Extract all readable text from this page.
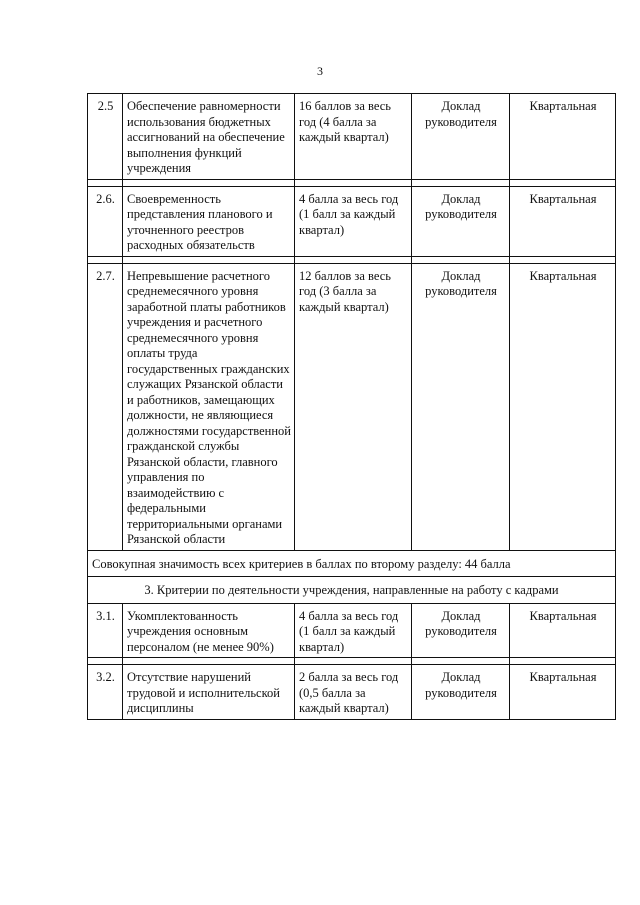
3
2.5	Обеспечение равномерности использования бюджетных ассигнований на обеспечение выполнения функций учреждения	16 баллов за весь год (4 балла за каждый квартал)	Доклад руководителя	Квартальная

2.6.	Своевременность представления планового и уточненного реестров расходных обязательств	4 балла за весь год (1 балл за каждый квартал)	Доклад руководителя	Квартальная

2.7.	Непревышение расчетного среднемесячного уровня заработной платы работников учреждения и расчетного среднемесячного уровня оплаты труда государственных гражданских служащих Рязанской области и работников, замещающих должности, не являющиеся должностями государственной гражданской службы Рязанской области, главного управления по взаимодействию с федеральными территориальными органами Рязанской области	12 баллов за весь год (3 балла за каждый квартал)	Доклад руководителя	Квартальная
Совокупная значимость всех критериев в баллах по второму разделу: 44 балла				
3. Критерии по деятельности учреждения, направленные на работу с кадрами				
3.1.	Укомплектованность учреждения основным персоналом (не менее 90%)	4 балла за весь год (1 балл за каждый квартал)	Доклад руководителя	Квартальная

3.2.	Отсутствие нарушений трудовой и исполнительской дисциплины	2 балла за весь год (0,5 балла за каждый квартал)	Доклад руководителя	Квартальная
